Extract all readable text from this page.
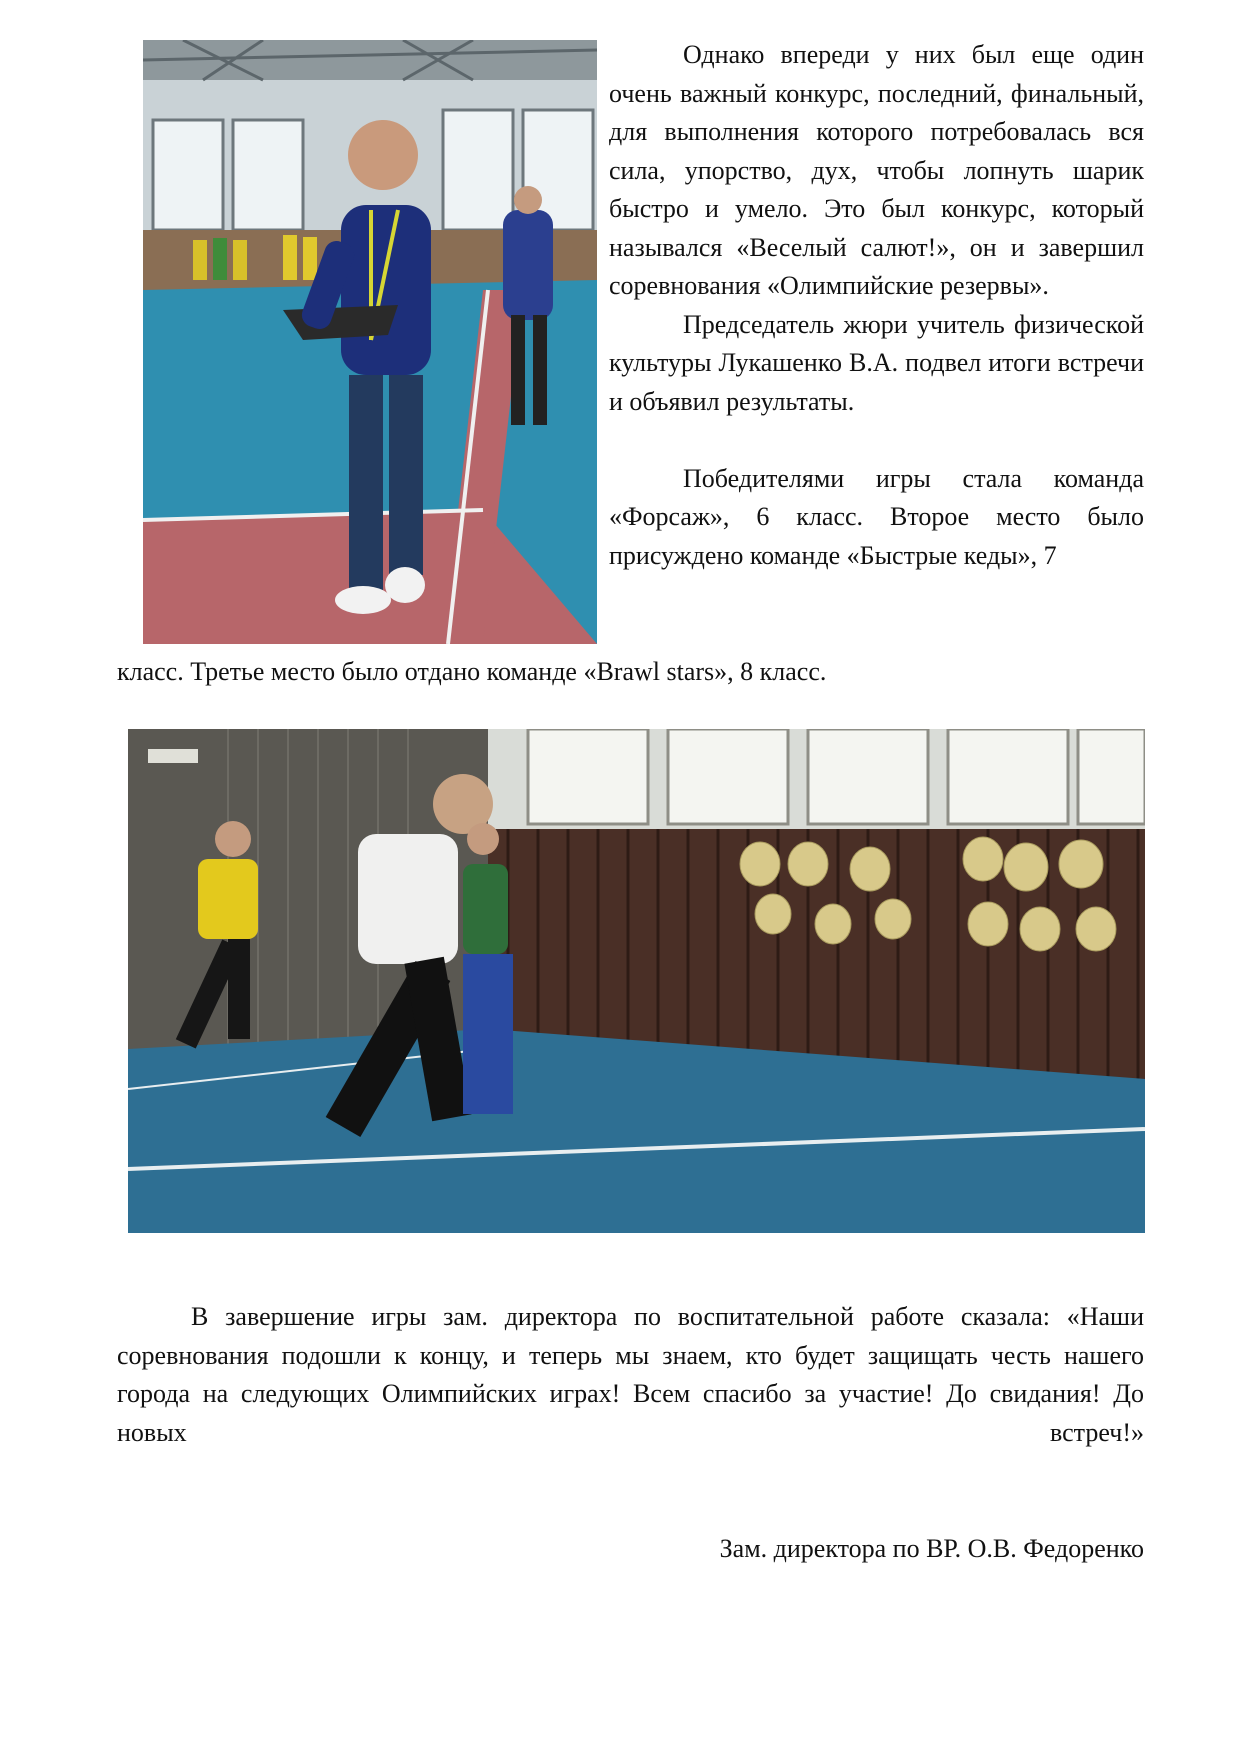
Однако впереди у них был еще один очень важный конкурс, последний, финальный, для выполнения которого потребовалась вся сила, упорство, дух, чтобы лопнуть шарик быстро и умело. Это был конкурс, который назывался «Веселый салют!», он и завершил соревнования «Олимпийские резервы».

Председатель жюри учитель физической культуры Лукашенко В.А. подвел итоги встречи и объявил результаты.

Победителями игры стала команда «Форсаж», 6 класс. Второе место было присуждено команде «Быстрые кеды», 7

класс. Третье место было отдано команде «Brawl stars», 8 класс.

В завершение игры зам. директора по воспитательной работе сказала: «Наши соревнования подошли к концу, и теперь мы знаем, кто будет защищать честь нашего города на следующих Олимпийских играх! Всем спасибо за участие! До свидания! До новых встреч!»

Зам. директора по ВР. О.В. Федоренко
